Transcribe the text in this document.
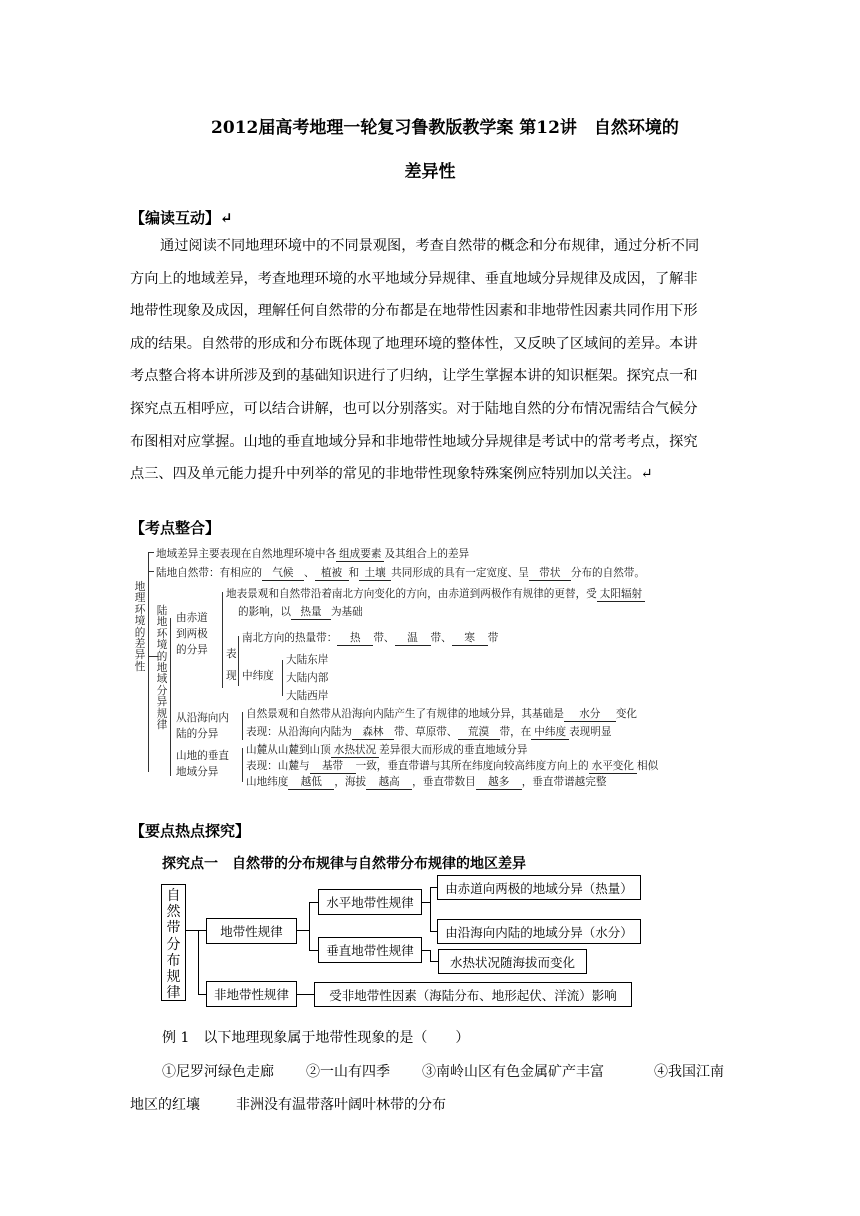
2012届高考地理一轮复习鲁教版教学案 第12讲　自然环境的
差异性
【编读互动】↵
通过阅读不同地理环境中的不同景观图，考查自然带的概念和分布规律，通过分析不同
方向上的地域差异，考查地理环境的水平地域分异规律、垂直地域分异规律及成因，了解非
地带性现象及成因，理解任何自然带的分布都是在地带性因素和非地带性因素共同作用下形
成的结果。自然带的形成和分布既体现了地理环境的整体性，又反映了区域间的差异。本讲
考点整合将本讲所涉及到的基础知识进行了归纳，让学生掌握本讲的知识框架。探究点一和
探究点五相呼应，可以结合讲解，也可以分别落实。对于陆地自然的分布情况需结合气候分
布图相对应掌握。山地的垂直地域分异和非地带性地域分异规律是考试中的常考考点，探究
点三、四及单元能力提升中列举的常见的非地带性现象特殊案例应特别加以关注。↵
【考点整合】
地理环境的差异性
地域差异主要表现在自然地理环境中各 组成要素 及其组合上的差异
陆地自然带：有相应的 气候 、 植被 和 土壤 共同形成的具有一定宽度、呈 带状 分布的自然带。
陆地环境的地域分异规律
由赤道
到两极
的分异
地表景观和自然带沿着南北方向变化的方向，由赤道到两极作有规律的更替，受 太阳辐射
的影响，以 热量 为基础
表
现
南北方向的热量带： 热 带、 温 带、 寒 带
中纬度
大陆东岸
大陆内部
大陆西岸
从沿海向内
陆的分异
自然景观和自然带从沿海向内陆产生了有规律的地域分异，其基础是 水分 变化
表现：从沿海向内陆为 森林 带、草原带、 荒漠 带，在 中纬度 表现明显
山地的垂直
地域分异
山麓从山麓到山顶 水热状况 差异很大而形成的垂直地域分异
表现：山麓与 基带 一致，垂直带谱与其所在纬度向较高纬度方向上的 水平变化 相似
山地纬度 越低 ，海拔 越高 ，垂直带数目 越多 ，垂直带谱越完整
【要点热点探究】
探究点一　自然带的分布规律与自然带分布规律的地区差异
自
然
带
分
布
规
律
地带性规律
非地带性规律
水平地带性规律
垂直地带性规律
由赤道向两极的地域分异（热量）
由沿海向内陆的地域分异（水分）
水热状况随海拔而变化
受非地带性因素（海陆分布、地形起伏、洋流）影响
例 1　以下地理现象属于地带性现象的是（　　）
①尼罗河绿色走廊 ②一山有四季 ③南岭山区有色金属矿产丰富	④我国江南
地区的红壤	非洲没有温带落叶阔叶林带的分布
